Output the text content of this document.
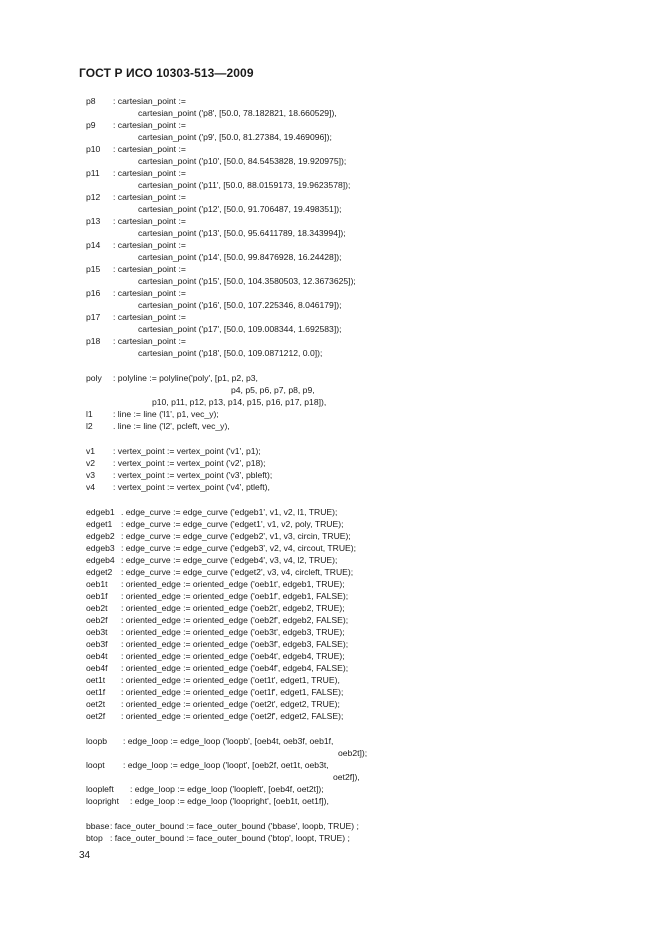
ГОСТ Р ИСО 10303-513—2009
p8 : cartesian_point :=
cartesian_point ('p8', [50.0, 78.182821, 18.660529]),
p9 : cartesian_point :=
cartesian_point ('p9', [50.0, 81.27384, 19.469096]);
p10 : cartesian_point :=
cartesian_point ('p10', [50.0, 84.5453828, 19.920975]);
p11 : cartesian_point :=
cartesian_point ('p11', [50.0, 88.0159173, 19.9623578]);
p12 : cartesian_point :=
cartesian_point ('p12', [50.0, 91.706487, 19.498351]);
p13 : cartesian_point :=
cartesian_point ('p13', [50.0, 95.6411789, 18.343994]);
p14 : cartesian_point :=
cartesian_point ('p14', [50.0, 99.8476928, 16.24428]);
p15 : cartesian_point :=
cartesian_point ('p15', [50.0, 104.3580503, 12.3673625]);
p16 : cartesian_point :=
cartesian_point ('p16', [50.0, 107.225346, 8.046179]);
p17 : cartesian_point :=
cartesian_point ('p17', [50.0, 109.008344, 1.692583]);
p18 : cartesian_point :=
cartesian_point ('p18', [50.0, 109.0871212, 0.0]);
poly : polyline := polyline('poly', [p1, p2, p3,
p4, p5, p6, p7, p8, p9,
p10, p11, p12, p13, p14, p15, p16, p17, p18]),
l1 : line := line ('l1', p1, vec_y);
l2 . line := line ('l2', pcleft, vec_y),
v1 : vertex_point := vertex_point ('v1', p1);
v2 : vertex_point := vertex_point ('v2', p18);
v3 : vertex_point := vertex_point ('v3', pbleft);
v4 : vertex_point := vertex_point ('v4', ptleft),
edgeb1 . edge_curve := edge_curve ('edgeb1', v1, v2, l1, TRUE);
edget1 : edge_curve := edge_curve ('edget1', v1, v2, poly, TRUE);
edgeb2 : edge_curve := edge_curve ('edgeb2', v1, v3, circin, TRUE);
edgeb3 : edge_curve := edge_curve ('edgeb3', v2, v4, circout, TRUE);
edgeb4 : edge_curve := edge_curve ('edgeb4', v3, v4, l2, TRUE);
edget2 : edge_curve := edge_curve ('edget2', v3, v4, circleft, TRUE);
oeb1t : oriented_edge := oriented_edge ('oeb1t', edgeb1, TRUE);
oeb1f : oriented_edge := oriented_edge ('oeb1f', edgeb1, FALSE);
oeb2t : oriented_edge := oriented_edge ('oeb2t', edgeb2, TRUE);
oeb2f : oriented_edge := oriented_edge ('oeb2f', edgeb2, FALSE);
oeb3t : oriented_edge := oriented_edge ('oeb3t', edgeb3, TRUE);
oeb3f : oriented_edge := oriented_edge ('oeb3f', edgeb3, FALSE);
oeb4t : oriented_edge := oriented_edge ('oeb4t', edgeb4, TRUE);
oeb4f : oriented_edge := oriented_edge ('oeb4f', edgeb4, FALSE);
oet1t : oriented_edge := oriented_edge ('oet1t', edget1, TRUE),
oet1f : oriented_edge := oriented_edge ('oet1f', edget1, FALSE);
oet2t : oriented_edge := oriented_edge ('oet2t', edget2, TRUE);
oet2f : oriented_edge := oriented_edge ('oet2f', edget2, FALSE);
loopb : edge_loop := edge_loop ('loopb', [oeb4t, oeb3f, oeb1f,
oeb2t]);
loopt : edge_loop := edge_loop ('loopt', [oeb2f, oet1t, oeb3t,
oet2f]),
loopleft : edge_loop := edge_loop ('loopleft', [oeb4f, oet2t]);
loopright : edge_loop := edge_loop ('loopright', [oeb1t, oet1f]),
bbase : face_outer_bound := face_outer_bound ('bbase', loopb, TRUE) ;
btop : face_outer_bound := face_outer_bound ('btop', loopt, TRUE) ;
34
